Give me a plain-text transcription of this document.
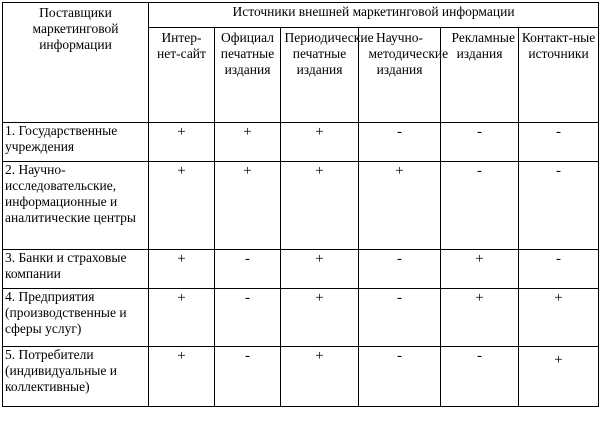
Поставщики маркетинговой информации	Источники внешней маркетинговой информации					
	Интер-нет-сайт	Официал печатные издания	Периодические печатные издания	Научно-методические издания	Рекламные издания	Контакт-ные источники
1. Государственные учреждения	+	+	+	-	-	-
2. Научно- исследовательские, информационные и аналитические центры	+	+	+	+	-	-
3. Банки и страховые компании	+	-	+	-	+	-
4. Предприятия (производственные и сферы услуг)	+	-	+	-	+	+
5. Потребители (индивидуальные и коллективные)	+	-	+	-	-	+
